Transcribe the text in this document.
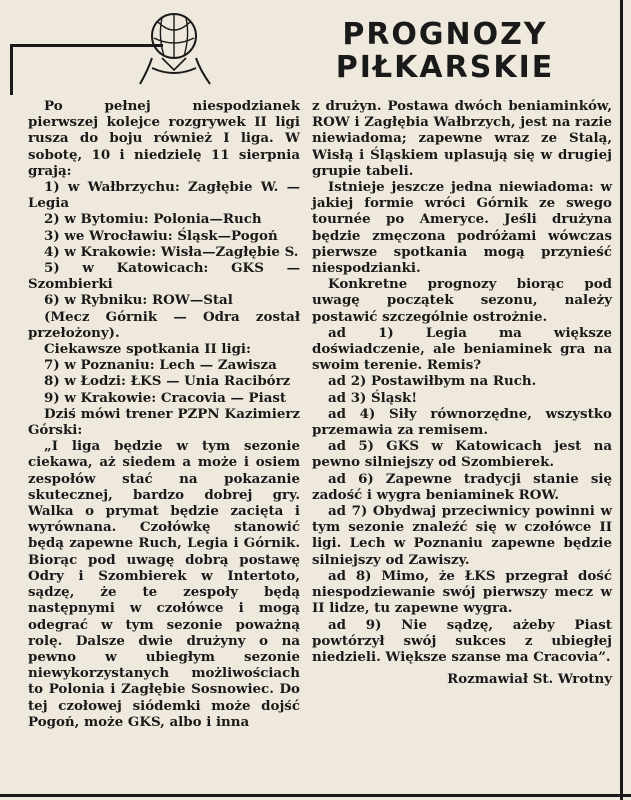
PROGNOZY
PIŁKARSKIE

Po pełnej niespodzianek pierwszej kolejce rozgrywek II ligi rusza do boju również I liga. W sobotę, 10 i niedzielę 11 sierpnia grają:

1) w Wałbrzychu: Zagłębie W. — Legia

2) w Bytomiu: Polonia—Ruch

3) we Wrocławiu: Śląsk—Pogoń

4) w Krakowie: Wisła—Zagłębie S.

5) w Katowicach: GKS — Szombierki

6) w Rybniku: ROW—Stal

(Mecz Górnik — Odra został przełożony).

Ciekawsze spotkania II ligi:

7) w Poznaniu: Lech — Zawisza

8) w Łodzi: ŁKS — Unia Racibórz

9) w Krakowie: Cracovia — Piast

Dziś mówi trener PZPN Kazimierz Górski:

„I liga będzie w tym sezonie ciekawa, aż siedem a może i osiem zespołów stać na pokazanie skutecznej, bardzo dobrej gry. Walka o prymat będzie zacięta i wyrównana. Czołówkę stanowić będą zapewne Ruch, Legia i Górnik. Biorąc pod uwagę dobrą postawę Odry i Szombierek w Intertoto, sądzę, że te zespoły będą następnymi w czołówce i mogą odegrać w tym sezonie poważną rolę. Dalsze dwie drużyny o na pewno w ubiegłym sezonie niewykorzystanych możliwościach to Polonia i Zagłębie Sosnowiec. Do tej czołowej siódemki może dojść Pogoń, może GKS, albo i inna

z drużyn. Postawa dwóch beniaminków, ROW i Zagłębia Wałbrzych, jest na razie niewiadoma; zapewne wraz ze Stalą, Wisłą i Śląskiem uplasują się w drugiej grupie tabeli.

Istnieje jeszcze jedna niewiadoma: w jakiej formie wróci Górnik ze swego tournée po Ameryce. Jeśli drużyna będzie zmęczona podróżami wówczas pierwsze spotkania mogą przynieść niespodzianki.

Konkretne prognozy biorąc pod uwagę początek sezonu, należy postawić szczególnie ostrożnie.

ad 1) Legia ma większe doświadczenie, ale beniaminek gra na swoim terenie. Remis?

ad 2) Postawiłbym na Ruch.

ad 3) Śląsk!

ad 4) Siły równorzędne, wszystko przemawia za remisem.

ad 5) GKS w Katowicach jest na pewno silniejszy od Szombierek.

ad 6) Zapewne tradycji stanie się zadość i wygra beniaminek ROW.

ad 7) Obydwaj przeciwnicy powinni w tym sezonie znaleźć się w czołówce II ligi. Lech w Poznaniu zapewne będzie silniejszy od Zawiszy.

ad 8) Mimo, że ŁKS przegrał dość niespodziewanie swój pierwszy mecz w II lidze, tu zapewne wygra.

ad 9) Nie sądzę, ażeby Piast powtórzył swój sukces z ubiegłej niedzieli. Większe szanse ma Cracovia”.

Rozmawiał St. Wrotny
